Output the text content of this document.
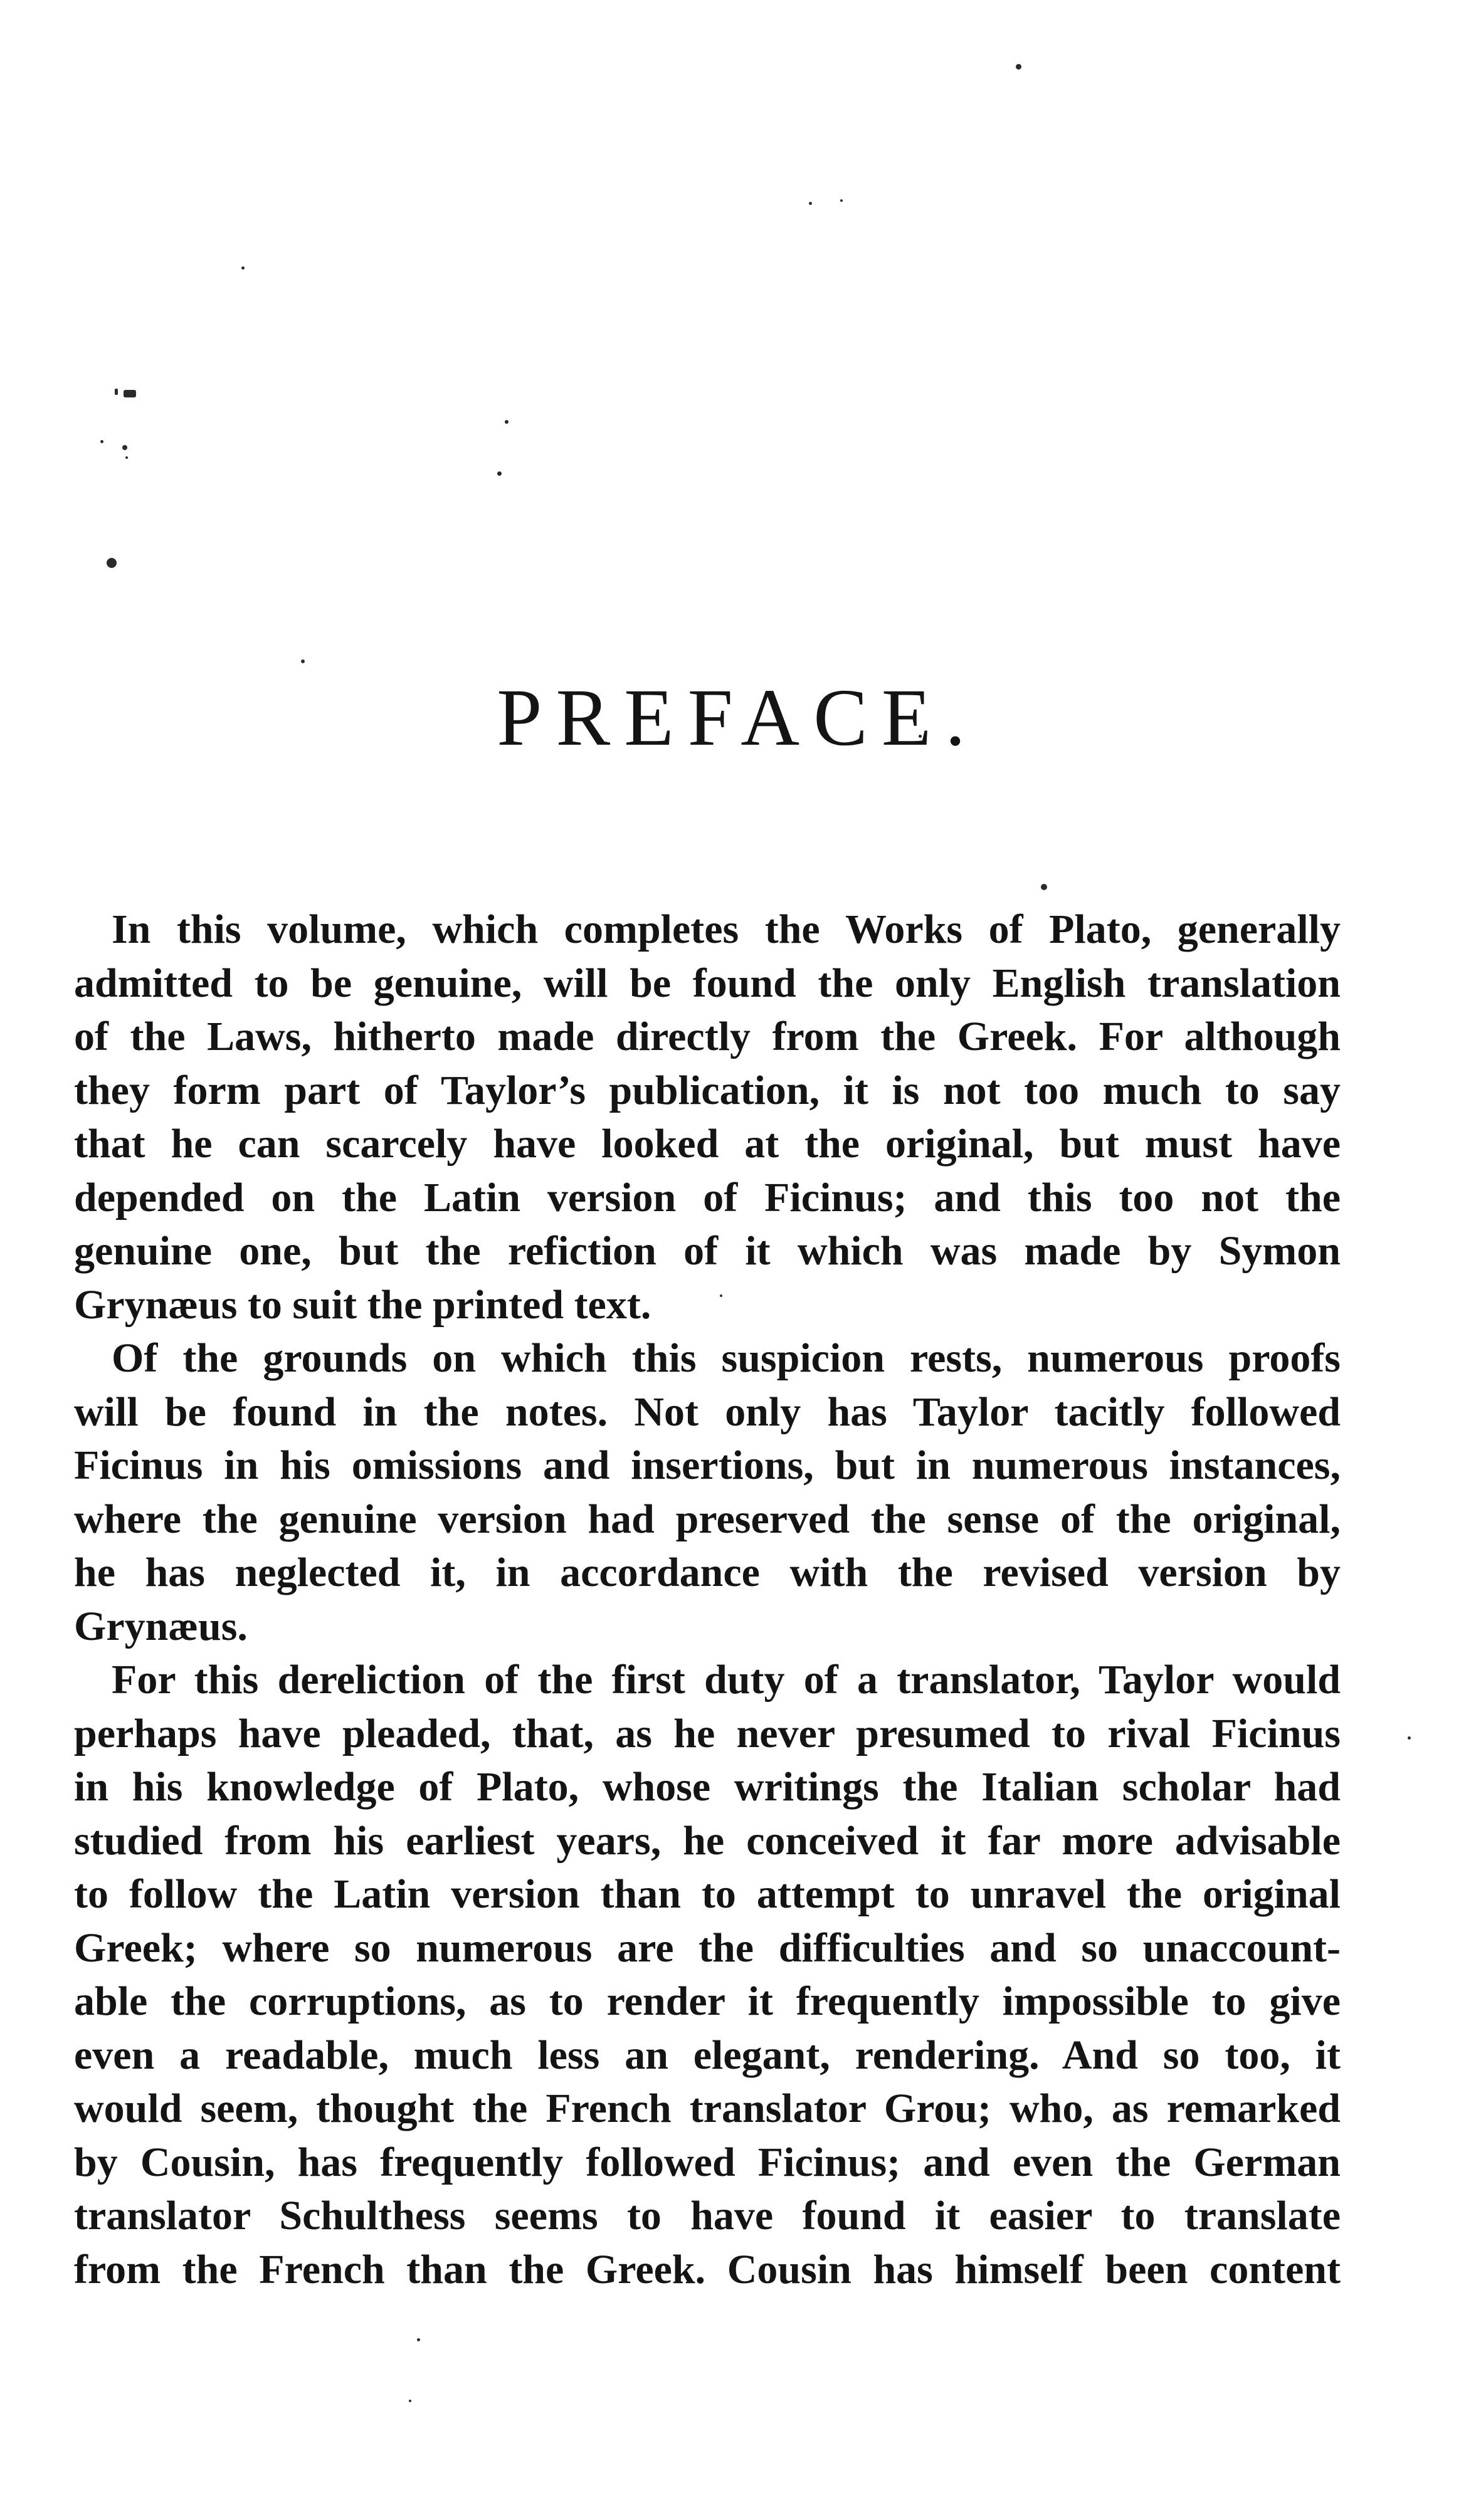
PREFACE.
In this volume, which completes the Works of Plato, generally
admitted to be genuine, will be found the only English translation
of the Laws, hitherto made directly from the Greek. For although
they form part of Taylor’s publication, it is not too much to say
that he can scarcely have looked at the original, but must have
depended on the Latin version of Ficinus; and this too not the
genuine one, but the refiction of it which was made by Symon
Grynæus to suit the printed text.
Of the grounds on which this suspicion rests, numerous proofs
will be found in the notes. Not only has Taylor tacitly followed
Ficinus in his omissions and insertions, but in numerous instances,
where the genuine version had preserved the sense of the original,
he has neglected it, in accordance with the revised version by
Grynæus.
For this dereliction of the first duty of a translator, Taylor would
perhaps have pleaded, that, as he never presumed to rival Ficinus
in his knowledge of Plato, whose writings the Italian scholar had
studied from his earliest years, he conceived it far more advisable
to follow the Latin version than to attempt to unravel the original
Greek; where so numerous are the difficulties and so unaccount-
able the corruptions, as to render it frequently impossible to give
even a readable, much less an elegant, rendering. And so too, it
would seem, thought the French translator Grou; who, as remarked
by Cousin, has frequently followed Ficinus; and even the German
translator Schulthess seems to have found it easier to translate
from the French than the Greek. Cousin has himself been content
